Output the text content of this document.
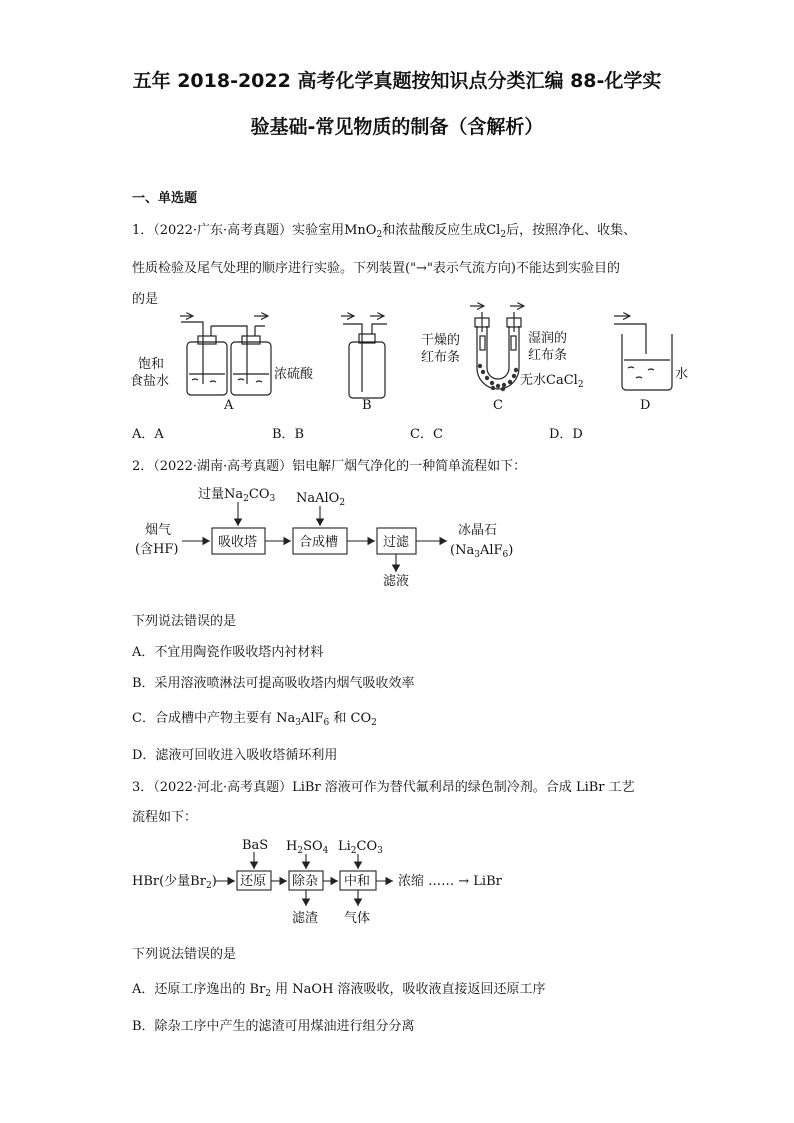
五年 2018-2022 高考化学真题按知识点分类汇编 88-化学实
验基础-常见物质的制备（含解析）
一、单选题
1．（2022·广东·高考真题）实验室用MnO$_2$和浓盐酸反应生成$Cl_2$后，按照净化、收集、
性质检验及尾气处理的顺序进行实验。下列装置("→"表示气流方向)不能达到实验目的
的是
饱和
食盐水	浓硫酸
干燥的
红布条
湿润的
红布条
无水CaCl$_2$
水
A	B	C	D
A．A	B．B	C．C	D．D
2．（2022·湖南·高考真题）铝电解厂烟气净化的一种简单流程如下：
烟气
(含HF)
过量$Na_2CO_3$ NaAlO$_2$
吸收塔	合成槽	过滤
冰晶石
$(Na_3AlF_6)$
滤液
下列说法错误的是
A．不宜用陶瓷作吸收塔内衬材料
B．采用溶液喷淋法可提高吸收塔内烟气吸收效率
C．合成槽中产物主要有 $Na_3AlF_6$ 和 $CO_2$
D．滤液可回收进入吸收塔循环利用
3．（2022·河北·高考真题）LiBr 溶液可作为替代氟利昂的绿色制冷剂。合成 LiBr 工艺
流程如下：
HBr(少量$Br_2$)
BaS $H_2SO_4$ $Li_2CO_3$
还原 除杂 中和 浓缩 …… → LiBr
滤渣 气体
下列说法错误的是
A．还原工序逸出的 $Br_2$ 用 NaOH 溶液吸收，吸收液直接返回还原工序
B．除杂工序中产生的滤渣可用煤油进行组分分离
